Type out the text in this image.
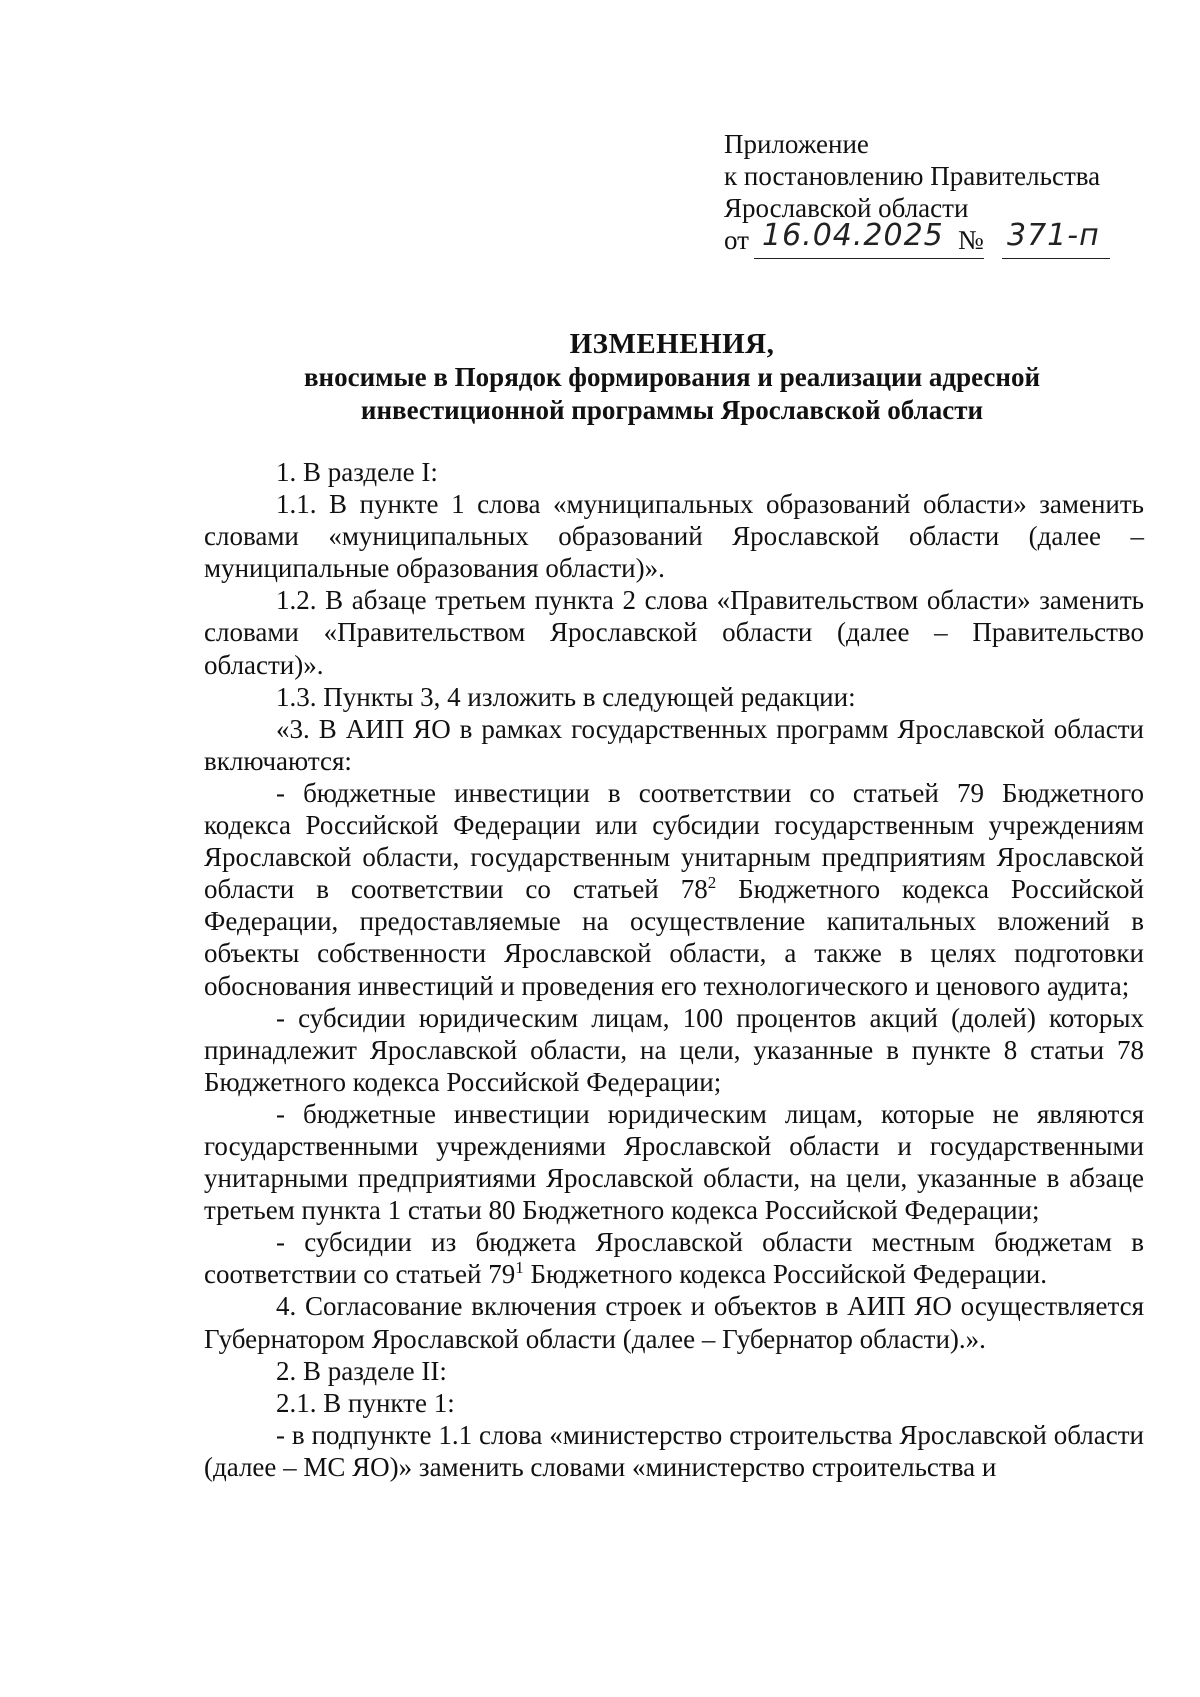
Приложение
к постановлению Правительства
Ярославской области
от 16.04.2025 № 371-п
ИЗМЕНЕНИЯ,
вносимые в Порядок формирования и реализации адресной
инвестиционной программы Ярославской области

1. В разделе I:

1.1. В пункте 1 слова «муниципальных образований области» заменить словами «муниципальных образований Ярославской области (далее – муниципальные образования области)».

1.2. В абзаце третьем пункта 2 слова «Правительством области» заменить словами «Правительством Ярославской области (далее – Правительство области)».

1.3. Пункты 3, 4 изложить в следующей редакции:

«3. В АИП ЯО в рамках государственных программ Ярославской области включаются:

- бюджетные инвестиции в соответствии со статьей 79 Бюджетного кодекса Российской Федерации или субсидии государственным учреждениям Ярославской области, государственным унитарным предприятиям Ярославской области в соответствии со статьей $78^2$ Бюджетного кодекса Российской Федерации, предоставляемые на осуществление капитальных вложений в объекты собственности Ярославской области, а также в целях подготовки обоснования инвестиций и проведения его технологического и ценового аудита;

- субсидии юридическим лицам, 100 процентов акций (долей) которых принадлежит Ярославской области, на цели, указанные в пункте 8 статьи 78 Бюджетного кодекса Российской Федерации;

- бюджетные инвестиции юридическим лицам, которые не являются государственными учреждениями Ярославской области и государственными унитарными предприятиями Ярославской области, на цели, указанные в абзаце третьем пункта 1 статьи 80 Бюджетного кодекса Российской Федерации;

- субсидии из бюджета Ярославской области местным бюджетам в соответствии со статьей $79^1$ Бюджетного кодекса Российской Федерации.

4. Согласование включения строек и объектов в АИП ЯО осуществляется Губернатором Ярославской области (далее – Губернатор области).».

2. В разделе II:

2.1. В пункте 1:

- в подпункте 1.1 слова «министерство строительства Ярославской области (далее – МС ЯО)» заменить словами «министерство строительства и
